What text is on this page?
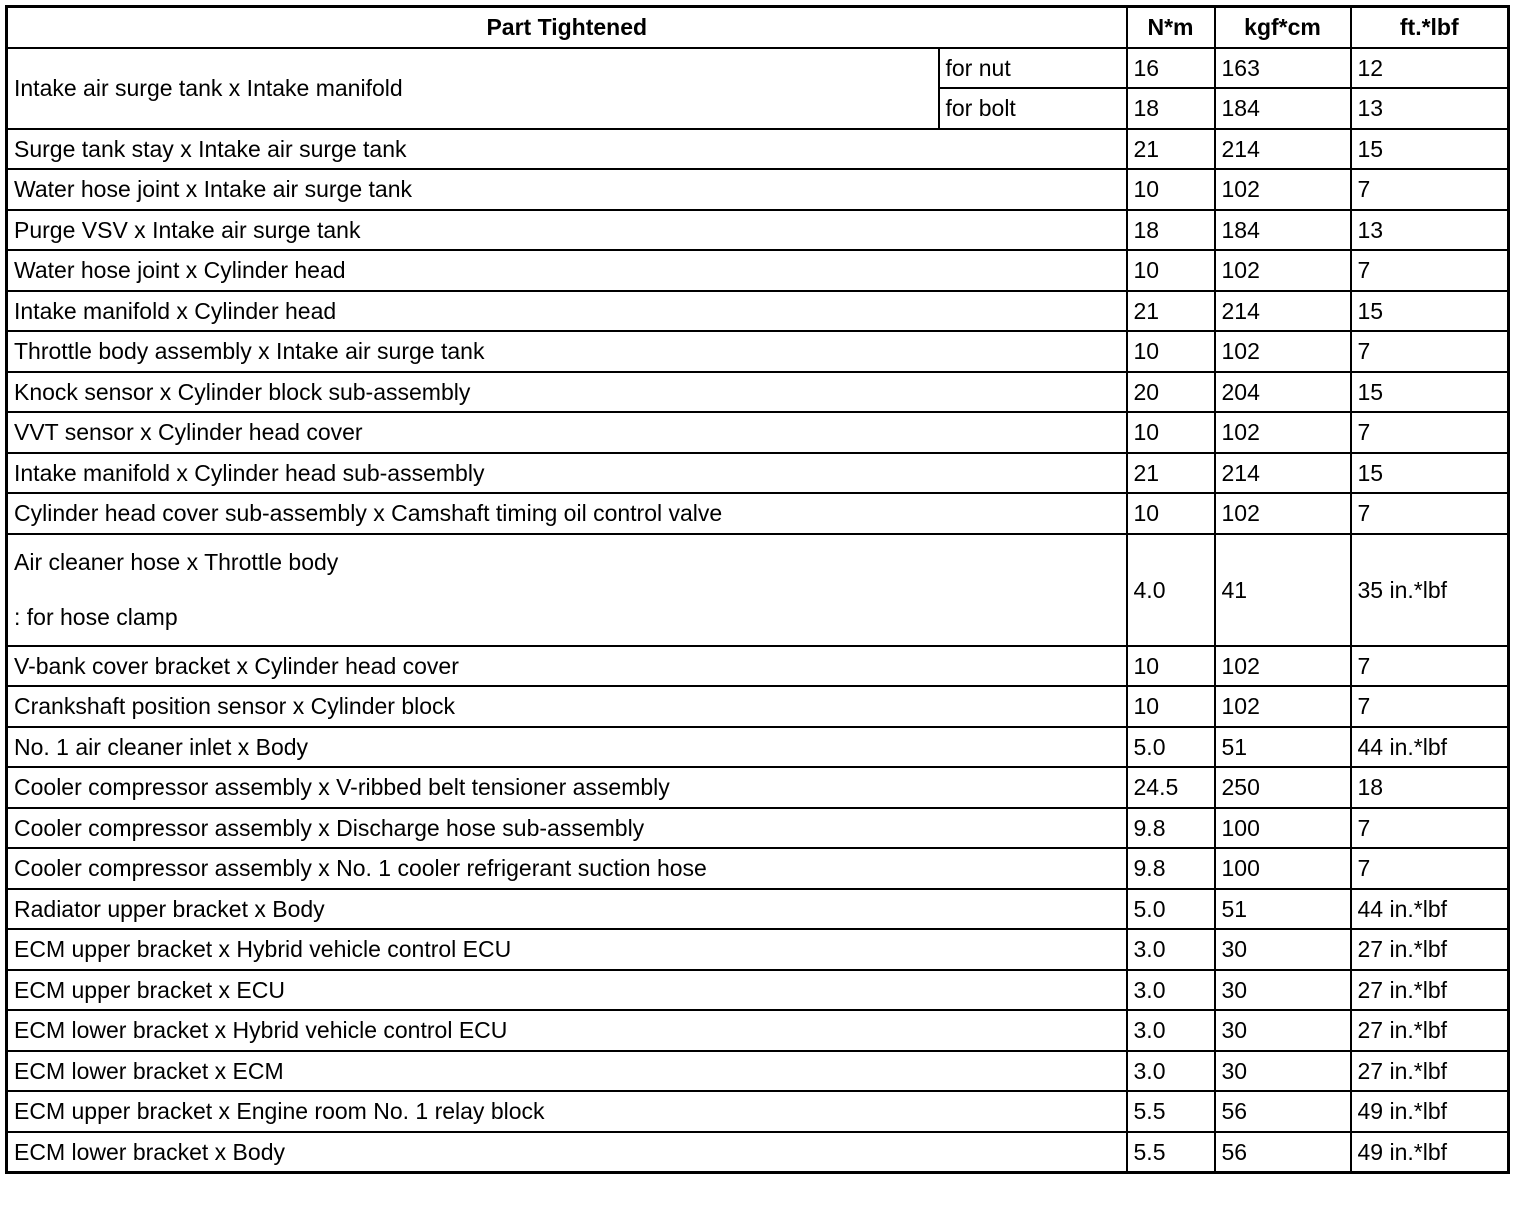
Part Tightened		N*m	kgf*cm	ft.*lbf
Intake air surge tank x Intake manifold	for nut	16	163	12
	for bolt	18	184	13
Surge tank stay x Intake air surge tank		21	214	15
Water hose joint x Intake air surge tank		10	102	7
Purge VSV x Intake air surge tank		18	184	13
Water hose joint x Cylinder head		10	102	7
Intake manifold x Cylinder head		21	214	15
Throttle body assembly x Intake air surge tank		10	102	7
Knock sensor x Cylinder block sub-assembly		20	204	15
VVT sensor x Cylinder head cover		10	102	7
Intake manifold x Cylinder head sub-assembly		21	214	15
Cylinder head cover sub-assembly x Camshaft timing oil control valve		10	102	7

Air cleaner hose x Throttle body
: for hose clamp		4.0	41	35 in.*lbf
V-bank cover bracket x Cylinder head cover		10	102	7
Crankshaft position sensor x Cylinder block		10	102	7
No. 1 air cleaner inlet x Body		5.0	51	44 in.*lbf
Cooler compressor assembly x V-ribbed belt tensioner assembly		24.5	250	18
Cooler compressor assembly x Discharge hose sub-assembly		9.8	100	7
Cooler compressor assembly x No. 1 cooler refrigerant suction hose		9.8	100	7
Radiator upper bracket x Body		5.0	51	44 in.*lbf
ECM upper bracket x Hybrid vehicle control ECU		3.0	30	27 in.*lbf
ECM upper bracket x ECU		3.0	30	27 in.*lbf
ECM lower bracket x Hybrid vehicle control ECU		3.0	30	27 in.*lbf
ECM lower bracket x ECM		3.0	30	27 in.*lbf
ECM upper bracket x Engine room No. 1 relay block		5.5	56	49 in.*lbf
ECM lower bracket x Body		5.5	56	49 in.*lbf
